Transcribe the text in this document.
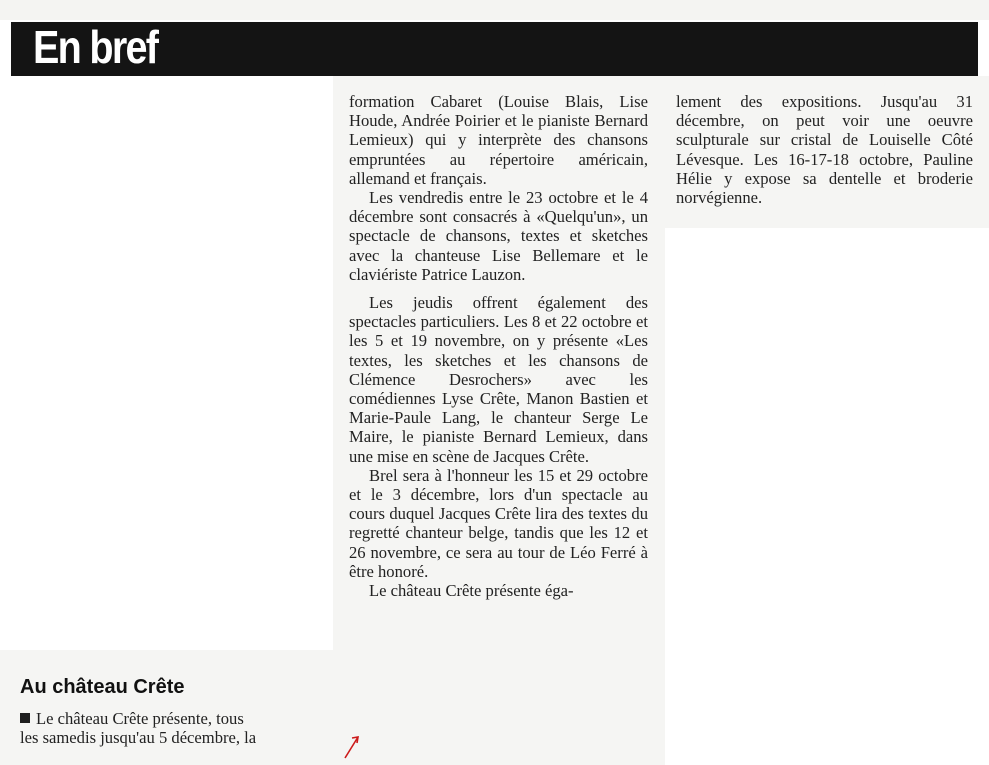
En bref
Au château Crête
Le château Crête présente, tous
les samedis jusqu'au 5 décembre, la

formation Cabaret (Louise Blais, Lise Houde, Andrée Poirier et le pianiste Bernard Lemieux) qui y interprète des chansons empruntées au répertoire américain, allemand et français.

Les vendredis entre le 23 octobre et le 4 décembre sont consacrés à «Quelqu'un», un spectacle de chansons, textes et sketches avec la chanteuse Lise Bellemare et le claviériste Patrice Lauzon.

Les jeudis offrent également des spectacles particuliers. Les 8 et 22 octobre et les 5 et 19 novembre, on y présente «Les textes, les sketches et les chansons de Clémence Desrochers» avec les comédiennes Lyse Crête, Manon Bastien et Marie-Paule Lang, le chanteur Serge Le Maire, le pianiste Bernard Lemieux, dans une mise en scène de Jacques Crête.

Brel sera à l'honneur les 15 et 29 octobre et le 3 décembre, lors d'un spectacle au cours duquel Jacques Crête lira des textes du regretté chanteur belge, tandis que les 12 et 26 novembre, ce sera au tour de Léo Ferré à être honoré.

Le château Crête présente éga-

lement des expositions. Jusqu'au 31 décembre, on peut voir une oeuvre sculpturale sur cristal de Louiselle Côté Lévesque. Les 16-17-18 octobre, Pauline Hélie y expose sa dentelle et broderie norvégienne.
